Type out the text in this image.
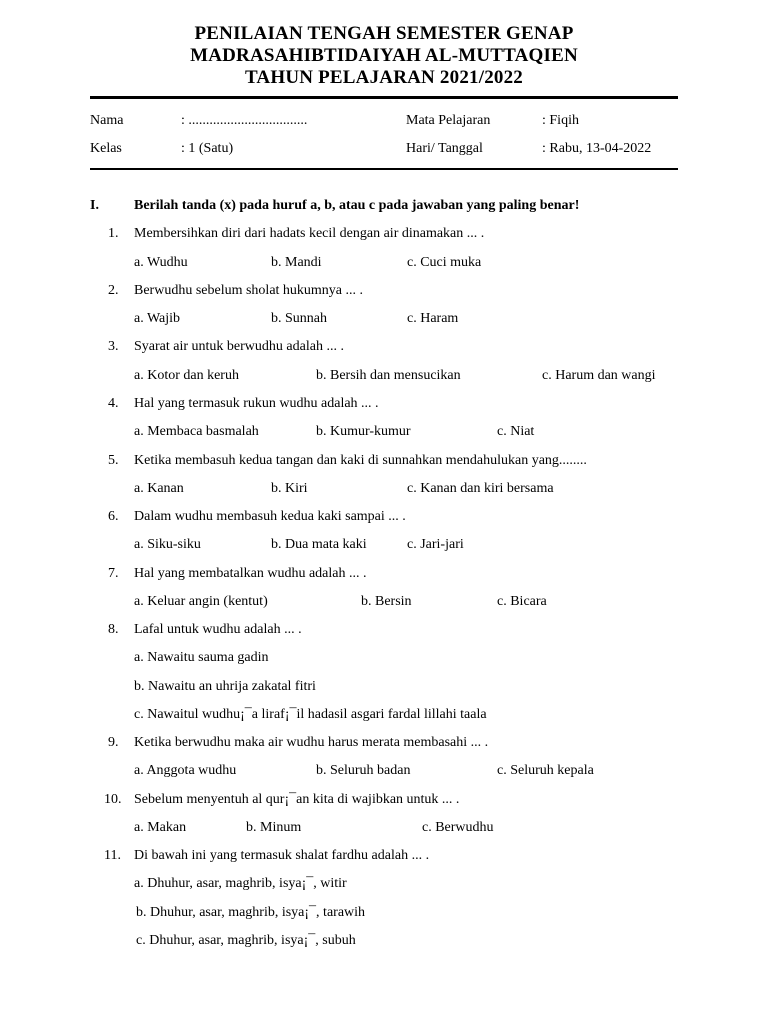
PENILAIAN TENGAH SEMESTER GENAP
MADRASAHIBTIDAIYAH AL-MUTTAQIEN
TAHUN PELAJARAN 2021/2022
Nama	: ..................................	Mata Pelajaran	: Fiqih
Kelas	: 1 (Satu)	Hari/ Tanggal	: Rabu, 13-04-2022
I.	Berilah tanda (x) pada huruf a, b, atau c pada jawaban yang paling benar!
1. Membersihkan diri dari hadats kecil dengan air dinamakan ... .
a. Wudhu	b. Mandi	c. Cuci muka
2. Berwudhu sebelum sholat hukumnya ... .
a. Wajib	b. Sunnah	c. Haram
3. Syarat air untuk berwudhu adalah ... .
a. Kotor dan keruh	b. Bersih dan mensucikan	c. Harum dan wangi
4. Hal yang termasuk rukun wudhu adalah ... .
a. Membaca basmalah	b. Kumur-kumur	c. Niat
5. Ketika membasuh kedua tangan dan kaki di sunnahkan mendahulukan yang........
a. Kanan	b. Kiri	c. Kanan dan kiri bersama
6. Dalam wudhu membasuh kedua kaki sampai ... .
a. Siku-siku	b. Dua mata kaki	c. Jari-jari
7. Hal yang membatalkan wudhu adalah ... .
a. Keluar angin (kentut)	b. Bersin	c. Bicara
8. Lafal untuk wudhu adalah ... .
a. Nawaitu sauma gadin
b. Nawaitu an uhrija zakatal fitri
c. Nawaitul wudhu¡¯a liraf¡¯il hadasil asgari fardal lillahi taala
9. Ketika berwudhu maka air wudhu harus merata membasahi ... .
a. Anggota wudhu	b. Seluruh badan	c. Seluruh kepala
10. Sebelum menyentuh al qur¡¯an kita di wajibkan untuk ... .
a. Makan	b. Minum	c. Berwudhu
11. Di bawah ini yang termasuk shalat fardhu adalah ... .
a. Dhuhur, asar, maghrib, isya¡¯, witir
b. Dhuhur, asar, maghrib, isya¡¯, tarawih
c. Dhuhur, asar, maghrib, isya¡¯, subuh
